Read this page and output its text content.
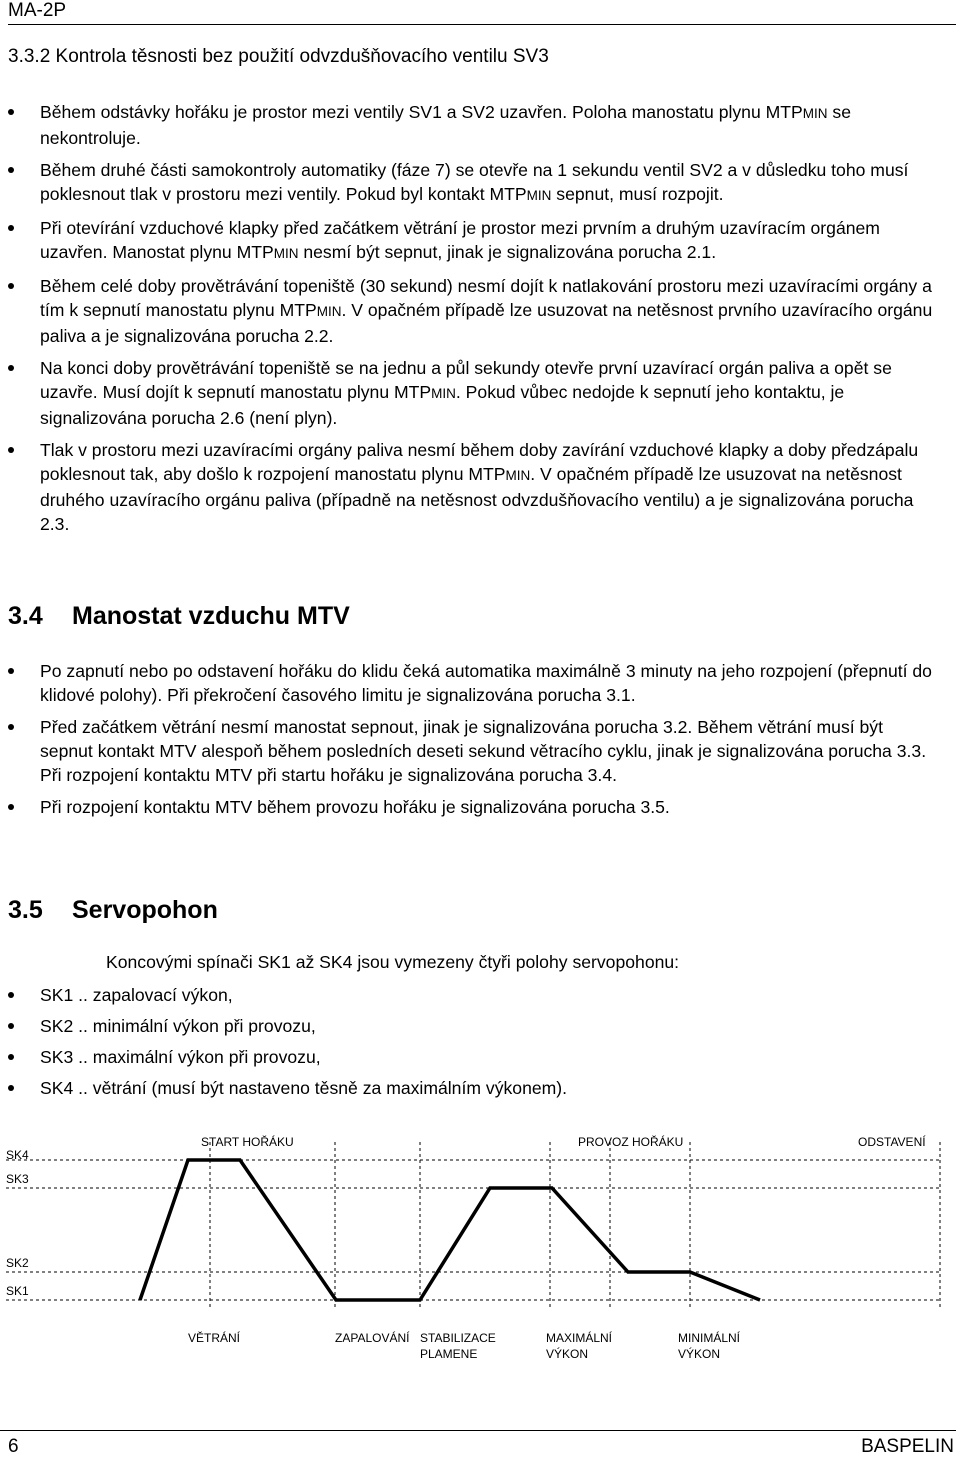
MA-2P
3.3.2 Kontrola těsnosti bez použití odvzdušňovacího ventilu SV3
Během odstávky hořáku je prostor mezi ventily SV1 a SV2 uzavřen. Poloha manostatu plynu MTPMIN se nekontroluje.
Během druhé části samokontroly automatiky (fáze 7) se otevře na 1 sekundu ventil SV2 a v důsledku toho musí poklesnout tlak v prostoru mezi ventily. Pokud byl kontakt MTPMIN sepnut, musí rozpojit.
Při otevírání vzduchové klapky před začátkem větrání je prostor mezi prvním a druhým uzavíracím orgánem uzavřen. Manostat plynu MTPMIN nesmí být sepnut, jinak je signalizována porucha 2.1.
Během celé doby provětrávání topeniště (30 sekund) nesmí dojít k natlakování prostoru mezi uzavíracími orgány a tím k sepnutí manostatu plynu MTPMIN. V opačném případě lze usuzovat na netěsnost prvního uzavíracího orgánu paliva a je signalizována porucha 2.2.
Na konci doby provětrávání topeniště se na jednu a půl sekundy otevře první uzavírací orgán paliva a opět se uzavře. Musí dojít k sepnutí manostatu plynu MTPMIN. Pokud vůbec nedojde k sepnutí jeho kontaktu, je signalizována porucha 2.6 (není plyn).
Tlak v prostoru mezi uzavíracími orgány paliva nesmí během doby zavírání vzduchové klapky a doby předzápalu poklesnout tak, aby došlo k rozpojení manostatu plynu MTPMIN. V opačném případě lze usuzovat na netěsnost druhého uzavíracího orgánu paliva (případně na netěsnost odvzdušňovacího ventilu) a je signalizována porucha 2.3.
3.4 Manostat vzduchu MTV
Po zapnutí nebo po odstavení hořáku do klidu čeká automatika maximálně 3 minuty na jeho rozpojení (přepnutí do klidové polohy). Při překročení časového limitu je signalizována porucha 3.1.
Před začátkem větrání nesmí manostat sepnout, jinak je signalizována porucha 3.2. Během větrání musí být sepnut kontakt MTV alespoň během posledních deseti sekund větracího cyklu, jinak je signalizována porucha 3.3. Při rozpojení kontaktu MTV při startu hořáku je signalizována porucha 3.4.
Při rozpojení kontaktu MTV během provozu hořáku je signalizována porucha 3.5.
3.5 Servopohon
Koncovými spínači SK1 až SK4 jsou vymezeny čtyři polohy servopohonu:
SK1 .. zapalovací výkon,
SK2 .. minimální výkon při provozu,
SK3 .. maximální výkon při provozu,
SK4 .. větrání (musí být nastaveno těsně za maximálním výkonem).
SK4
SK3
SK2
SK1
START HOŘÁKU	PROVOZ HOŘÁKU	ODSTAVENÍ
VĚTRÁNÍ	ZAPALOVÁNÍ STABILIZACE
PLAMENE
MAXIMÁLNÍ
VÝKON
MINIMÁLNÍ
VÝKON
6	BASPELIN
